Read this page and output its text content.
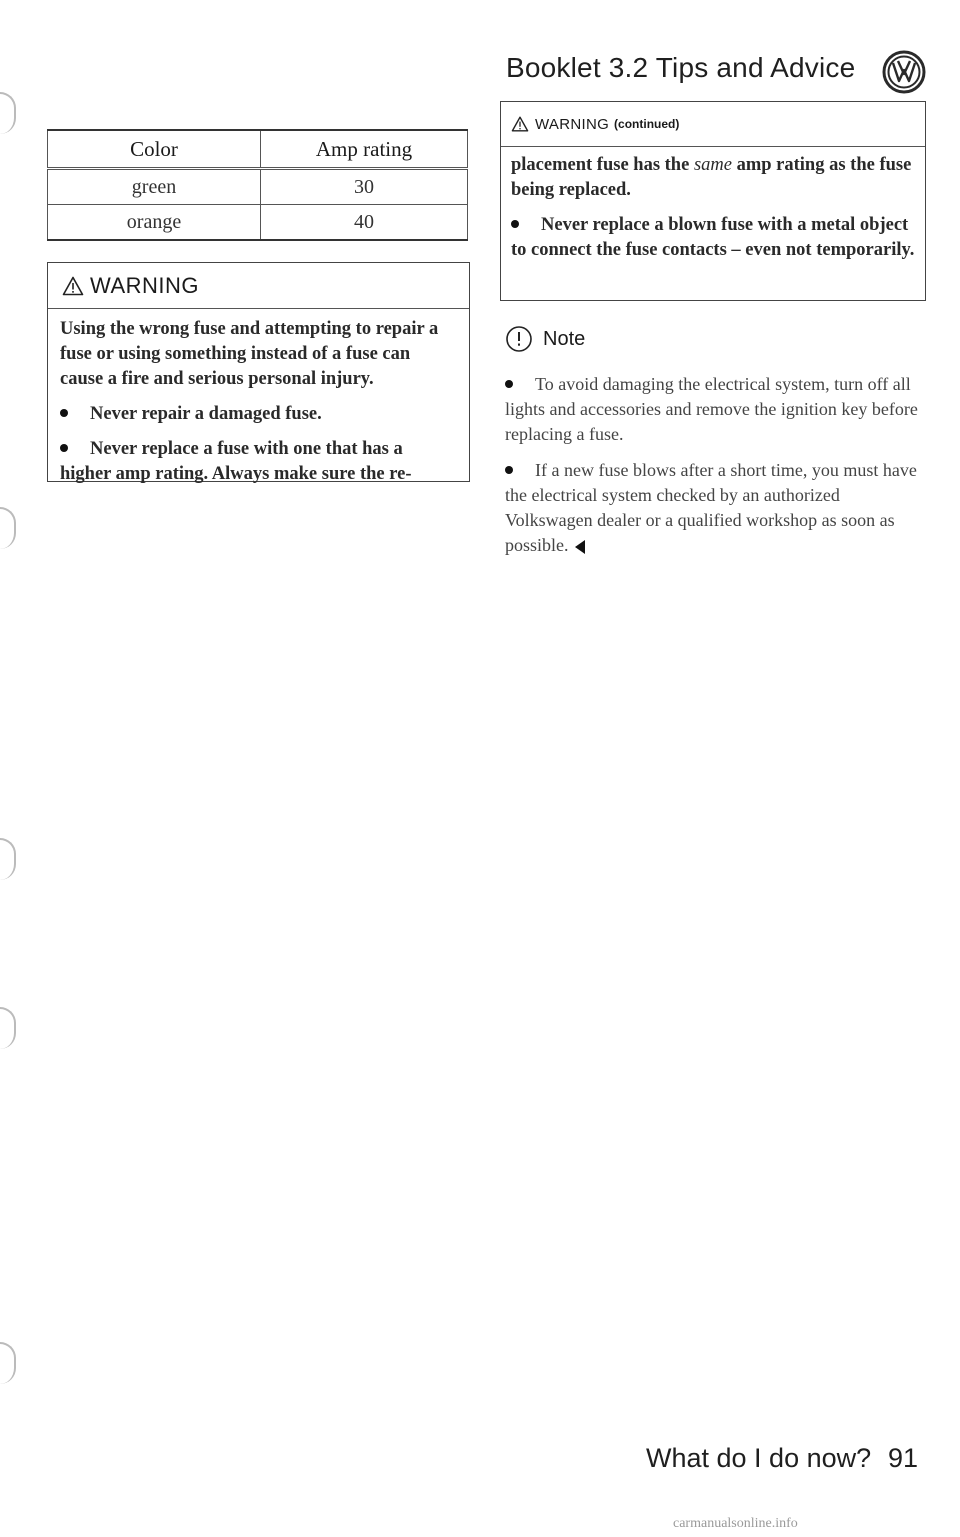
Booklet 3.2 Tips and Advice
Color	Amp rating
green	30
orange	40
WARNING

Using the wrong fuse and attempting to repair a fuse or using something instead of a fuse can cause a fire and serious personal injury.

Never repair a damaged fuse.

Never replace a fuse with one that has a higher amp rating. Always make sure the re-

WARNING (continued)

placement fuse has the same amp rating as the fuse being replaced.

Never replace a blown fuse with a metal object to connect the fuse contacts – even not temporarily.

Note

To avoid damaging the electrical system, turn off all lights and accessories and remove the ignition key before replacing a fuse.

If a new fuse blows after a short time, you must have the electrical system checked by an authorized Volkswagen dealer or a qualified workshop as soon as possible.

What do I do now? 91
carmanualsonline.info
